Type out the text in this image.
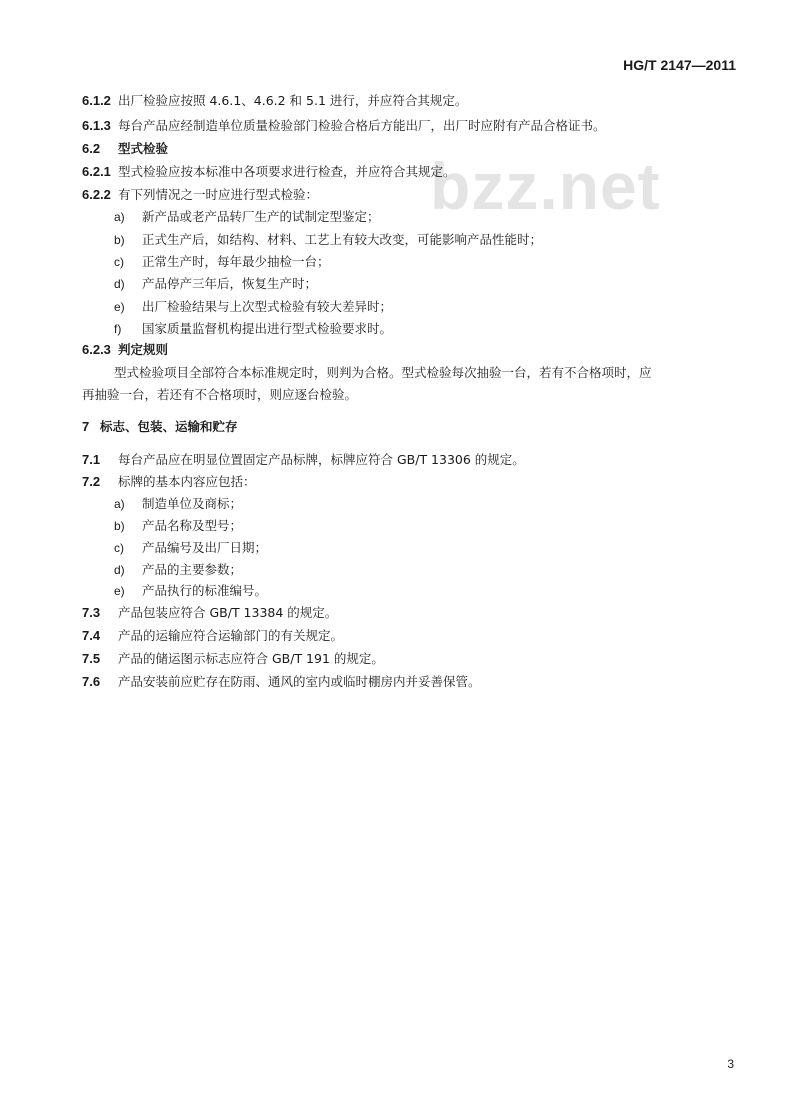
bzz.net
HG/T 2147—2011
6.1.2 出厂检验应按照 4.6.1、4.6.2 和 5.1 进行，并应符合其规定。
6.1.3 每台产品应经制造单位质量检验部门检验合格后方能出厂，出厂时应附有产品合格证书。
6.2 型式检验
6.2.1 型式检验应按本标准中各项要求进行检查，并应符合其规定。
6.2.2 有下列情况之一时应进行型式检验：
a) 新产品或老产品转厂生产的试制定型鉴定；
b) 正式生产后，如结构、材料、工艺上有较大改变，可能影响产品性能时；
c) 正常生产时，每年最少抽检一台；
d) 产品停产三年后，恢复生产时；
e) 出厂检验结果与上次型式检验有较大差异时；
f) 国家质量监督机构提出进行型式检验要求时。
6.2.3 判定规则
型式检验项目全部符合本标准规定时，则判为合格。型式检验每次抽验一台，若有不合格项时，应
再抽验一台，若还有不合格项时，则应逐台检验。
7 标志、包装、运输和贮存
7.1 每台产品应在明显位置固定产品标牌，标牌应符合 GB/T 13306 的规定。
7.2 标牌的基本内容应包括：
a) 制造单位及商标；
b) 产品名称及型号；
c) 产品编号及出厂日期；
d) 产品的主要参数；
e) 产品执行的标准编号。
7.3 产品包装应符合 GB/T 13384 的规定。
7.4 产品的运输应符合运输部门的有关规定。
7.5 产品的储运图示标志应符合 GB/T 191 的规定。
7.6 产品安装前应贮存在防雨、通风的室内或临时棚房内并妥善保管。
3
